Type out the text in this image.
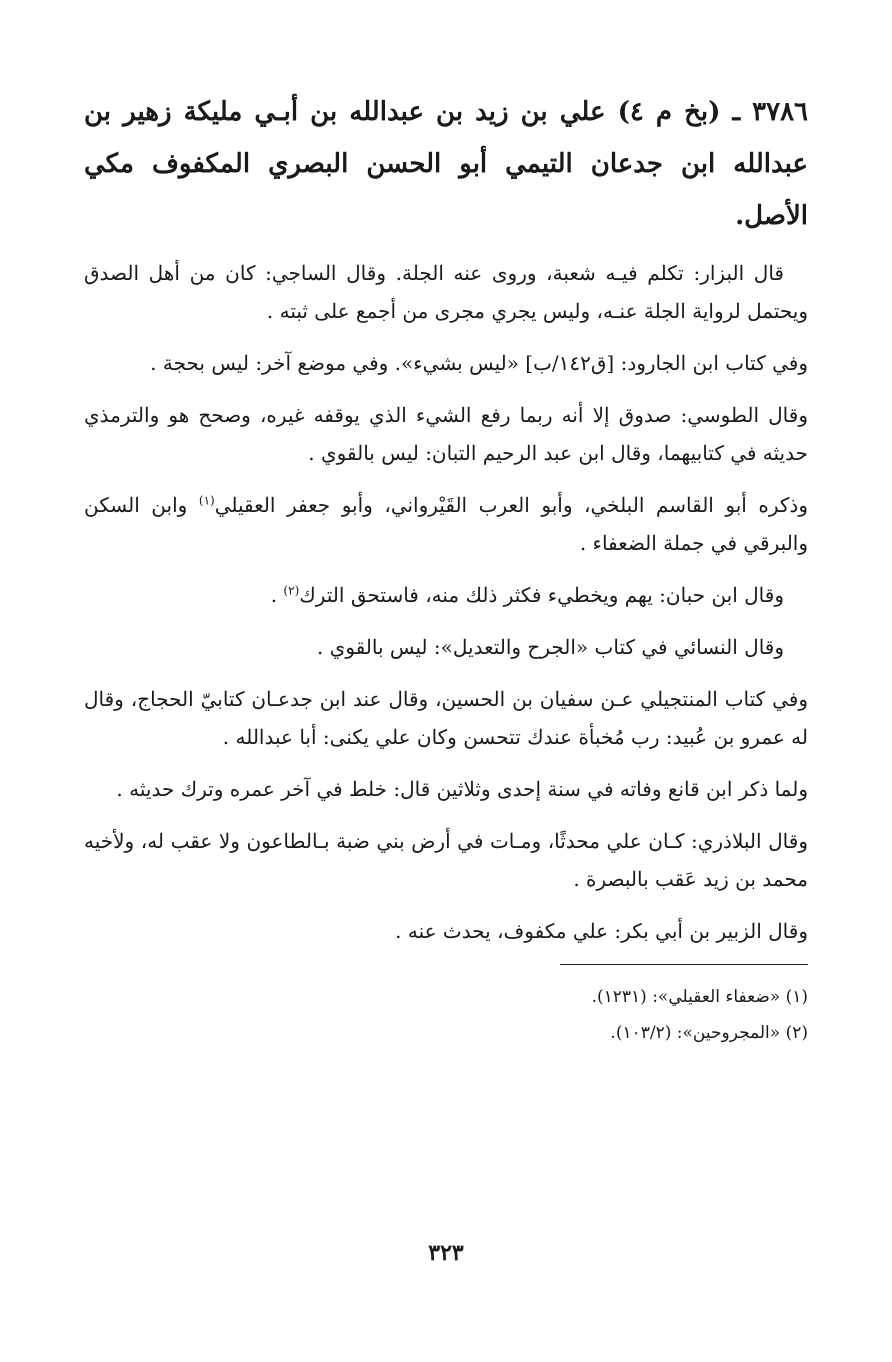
٣٧٨٦ ـ (بخ م ٤) علي بن زيد بن عبدالله بن أبـي مليكة زهير بن عبدالله ابن جدعان التيمي أبو الحسن البصري المكفوف مكي الأصل.

قال البزار: تكلم فيـه شعبة، وروى عنه الجلة. وقال الساجي: كان من أهل الصدق ويحتمل لرواية الجلة عنـه، وليس يجري مجرى من أجمع على ثبته .

وفي كتاب ابن الجارود: [ق١٤٢/ب] «ليس بشيء». وفي موضع آخر: ليس بحجة .

وقال الطوسي: صدوق إلا أنه ربما رفع الشيء الذي يوقفه غيره، وصحح هو والترمذي حديثه في كتابيهما، وقال ابن عبد الرحيم التبان: ليس بالقوي .

وذكره أبو القاسم البلخي، وأبو العرب القَيْرواني، وأبو جعفر العقيلي$^{(١)}$ وابن السكن والبرقي في جملة الضعفاء .

وقال ابن حبان: يهم ويخطيء فكثر ذلك منه، فاستحق الترك$^{(٢)}$ .

وقال النسائي في كتاب «الجرح والتعديل»: ليس بالقوي .

وفي كتاب المنتجيلي عـن سفيان بن الحسين، وقال عند ابن جدعـان كتابيّ الحجاج، وقال له عمرو بن عُبيد: رب مُخبأة عندك تتحسن وكان علي يكنى: أبا عبدالله .

ولما ذكر ابن قانع وفاته في سنة إحدى وثلاثين قال: خلط في آخر عمره وترك حديثه .

وقال البلاذري: كـان علي محدثًا، ومـات في أرض بني ضبة بـالطاعون ولا عقب له، ولأخيه محمد بن زيد عَقب بالبصرة .

وقال الزبير بن أبي بكر: علي مكفوف، يحدث عنه .

(١) «ضعفاء العقيلي»: (١٢٣١).

(٢) «المجروحين»: (١٠٣/٢).

٣٢٣
